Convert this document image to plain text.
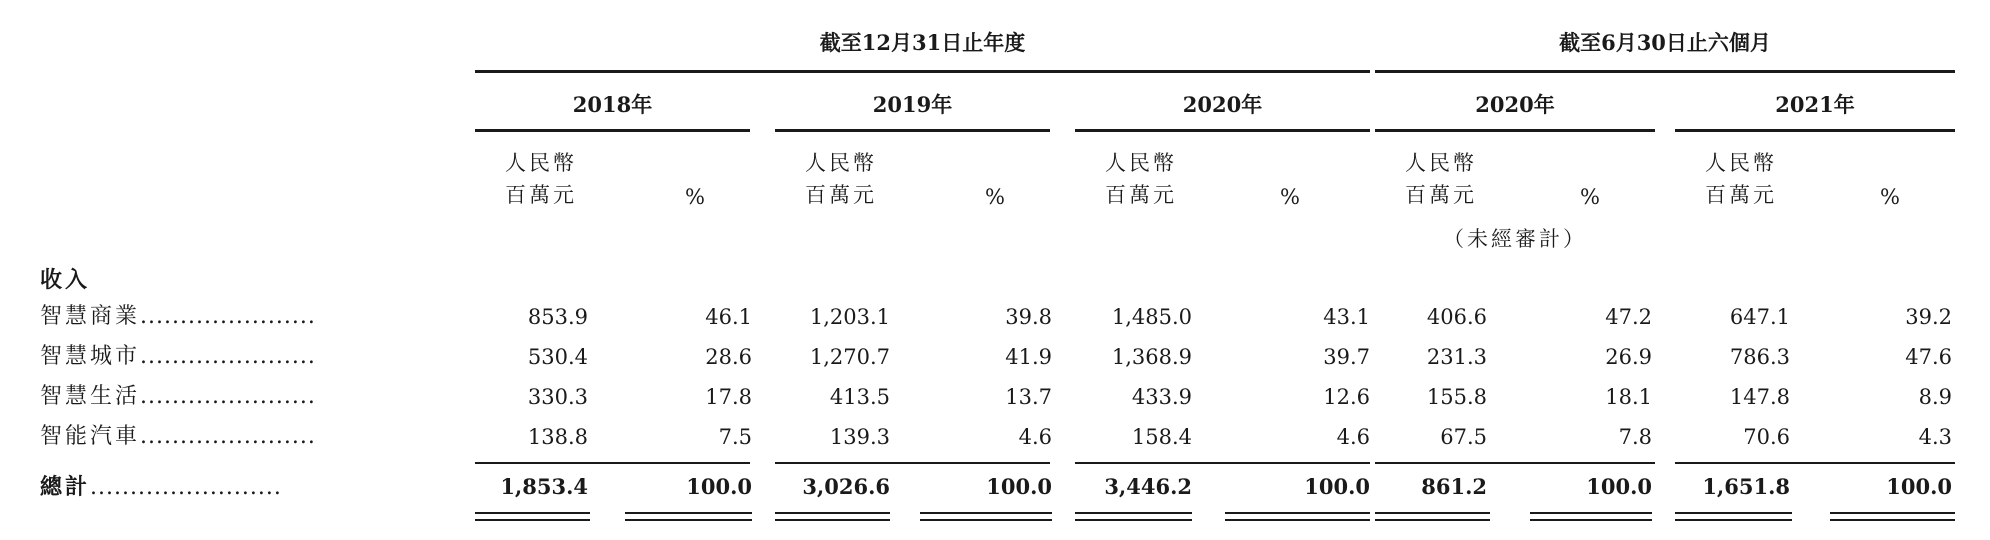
截至12月31日止年度	截至6月30日止六個月
2018年	2019年	2020年	2020年	2021年
人民幣
百萬元	%
人民幣
百萬元	%
人民幣
百萬元	%
人民幣
百萬元	%
人民幣
百萬元	%
（未經審計）
收入
智慧商業......................	853.9	46.1	1,203.1	39.8	1,485.0	43.1	406.6	47.2	647.1	39.2
智慧城市......................	530.4	28.6	1,270.7	41.9	1,368.9	39.7	231.3	26.9	786.3	47.6
智慧生活......................	330.3	17.8	413.5	13.7	433.9	12.6	155.8	18.1	147.8	8.9
智能汽車......................	138.8	7.5	139.3	4.6	158.4	4.6	67.5	7.8	70.6	4.3
總計........................	1,853.4	100.0	3,026.6	100.0	3,446.2	100.0	861.2	100.0	1,651.8	100.0
